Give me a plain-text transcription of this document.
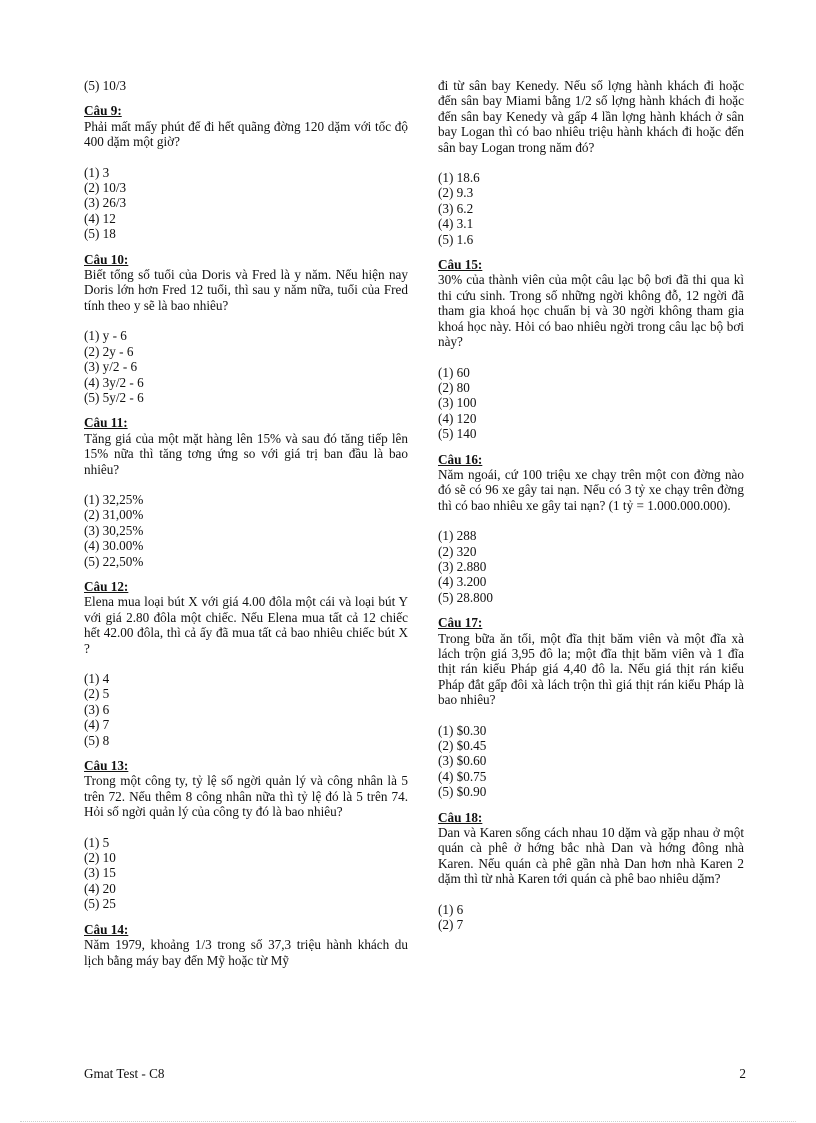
(5) 10/3

Câu 9:

Phải mất mấy phút để đi hết quãng đờng 120 dặm với tốc độ 400 dặm một giờ?

(1) 3
(2) 10/3
(3) 26/3
(4) 12
(5) 18
Câu 10:

Biết tổng số tuổi của Doris và Fred là y năm. Nếu hiện nay Doris lớn hơn Fred 12 tuổi, thì sau y năm nữa, tuổi của Fred tính theo y sẽ là bao nhiêu?

(1) y - 6
(2) 2y - 6
(3) y/2 - 6
(4) 3y/2 - 6
(5) 5y/2 - 6
Câu 11:

Tăng giá của một mặt hàng lên 15% và sau đó tăng tiếp lên 15% nữa thì tăng tơng ứng so với giá trị ban đầu là bao nhiêu?

(1) 32,25%
(2) 31,00%
(3) 30,25%
(4) 30.00%
(5) 22,50%
Câu 12:

Elena mua loại bút X với giá 4.00 đôla một cái và loại bút Y với giá 2.80 đôla một chiếc. Nếu Elena mua tất cả 12 chiếc hết 42.00 đôla, thì cả ấy đã mua tất cả bao nhiêu chiếc bút X ?

(1) 4
(2) 5
(3) 6
(4) 7
(5) 8
Câu 13:

Trong một công ty, tỷ lệ số ngời quản lý và công nhân là 5 trên 72. Nếu thêm 8 công nhân nữa thì tỷ lệ đó là 5 trên 74. Hỏi số ngời quản lý của công ty đó là bao nhiêu?

(1) 5
(2) 10
(3) 15
(4) 20
(5) 25
Câu 14:

Năm 1979, khoảng 1/3 trong số 37,3 triệu hành khách du lịch bằng máy bay đến Mỹ hoặc từ Mỹ

đi từ sân bay Kenedy. Nếu số lợng hành khách đi hoặc đến sân bay Miami bằng 1/2 số lợng hành khách đi hoặc đến sân bay Kenedy và gấp 4 lần lợng hành khách ở sân bay Logan thì có bao nhiêu triệu hành khách đi hoặc đến sân bay Logan trong năm đó?

(1) 18.6
(2) 9.3
(3) 6.2
(4) 3.1
(5) 1.6
Câu 15:

30% của thành viên của một câu lạc bộ bơi đã thi qua kì thi cứu sinh. Trong số những ngời không đỗ, 12 ngời đã tham gia khoá học chuẩn bị và 30 ngời không tham gia khoá học này. Hỏi có bao nhiêu ngời trong câu lạc bộ bơi này?

(1) 60
(2) 80
(3) 100
(4) 120
(5) 140
Câu 16:

Năm ngoái, cứ 100 triệu xe chạy trên một con đờng nào đó sẽ có 96 xe gây tai nạn. Nếu có 3 tỷ xe chạy trên đờng thì có bao nhiêu xe gây tai nạn? (1 tỷ = 1.000.000.000).

(1) 288
(2) 320
(3) 2.880
(4) 3.200
(5) 28.800
Câu 17:

Trong bữa ăn tối, một đĩa thịt băm viên và một đĩa xà lách trộn giá 3,95 đô la; một đĩa thịt băm viên và 1 đĩa thịt rán kiểu Pháp giá 4,40 đô la. Nếu giá thịt rán kiểu Pháp đắt gấp đôi xà lách trộn thì giá thịt rán kiểu Pháp là bao nhiêu?

(1) $0.30
(2) $0.45
(3) $0.60
(4) $0.75
(5) $0.90
Câu 18:

Dan và Karen sống cách nhau 10 dặm và gặp nhau ở một quán cà phê ở hớng bắc nhà Dan và hớng đông nhà Karen. Nếu quán cà phê gần nhà Dan hơn nhà Karen 2 dặm thì từ nhà Karen tới quán cà phê bao nhiêu dặm?

(1) 6
(2) 7
Gmat Test - C8	2
